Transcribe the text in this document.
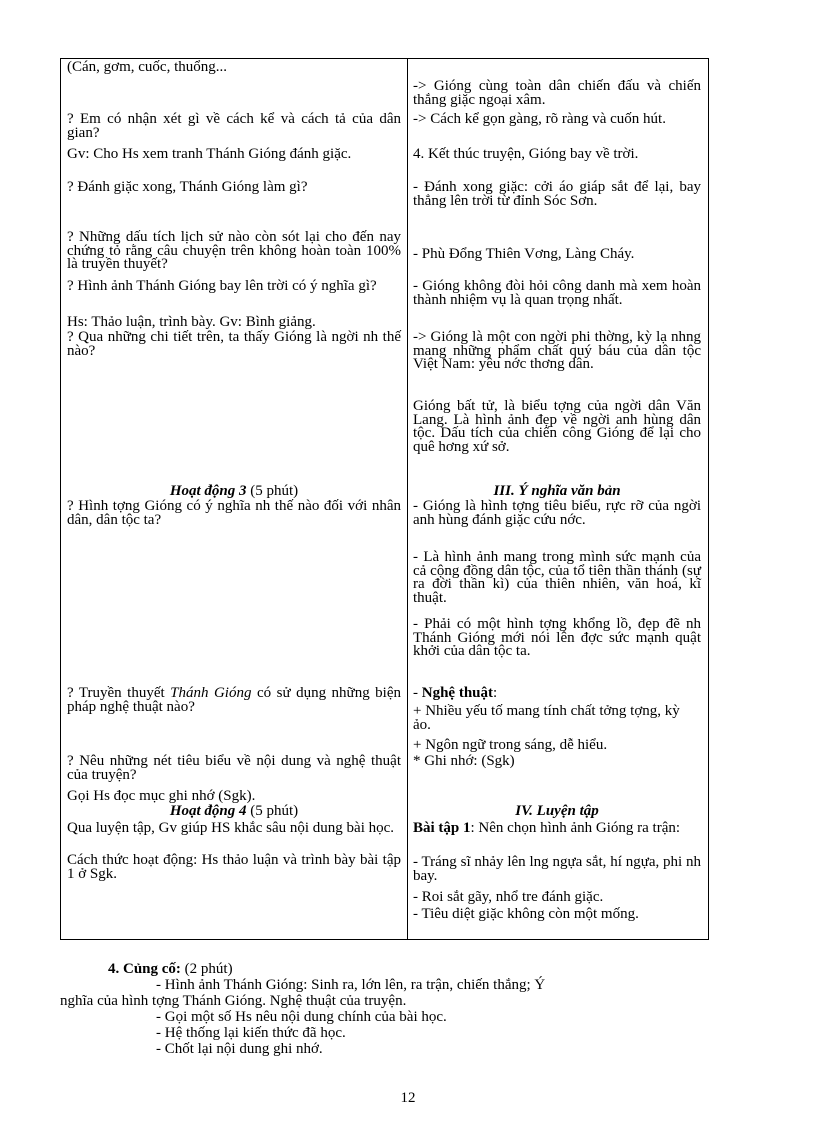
(Cán, gơm, cuốc, thuổng...
? Em có nhận xét gì về cách kể và cách tả của dân gian?
Gv: Cho Hs xem tranh Thánh Gióng đánh giặc.
? Đánh giặc xong, Thánh Gióng làm gì?
? Những dấu tích lịch sử nào còn sót lại cho đến nay chứng tỏ rằng câu chuyện trên không hoàn toàn 100% là truyền thuyết?
? Hình ảnh Thánh Gióng bay lên trời có ý nghĩa gì?
Hs: Thảo luận, trình bày. Gv: Bình giảng.
? Qua những chi tiết trên, ta thấy Gióng là ngời nh thế nào?
Hoạt động 3 (5 phút)
? Hình tợng Gióng có ý nghĩa nh thế nào đối với nhân dân, dân tộc ta?
? Truyền thuyết Thánh Gióng có sử dụng những biện pháp nghệ thuật nào?
? Nêu những nét tiêu biểu về nội dung và nghệ thuật của truyện?
Gọi Hs đọc mục ghi nhớ (Sgk).
Hoạt động 4 (5 phút)
Qua luyện tập, Gv giúp HS khắc sâu nội dung bài học.
Cách thức hoạt động: Hs thảo luận và trình bày bài tập 1 ở Sgk.
-> Gióng cùng toàn dân chiến đấu và chiến thắng giặc ngoại xâm.
-> Cách kể gọn gàng, rõ ràng và cuốn hút.
4. Kết thúc truyện, Gióng bay về trời.
- Đánh xong giặc: cởi áo giáp sắt để lại, bay thẳng lên trời từ đỉnh Sóc Sơn.
- Phù Đổng Thiên Vơng, Làng Cháy.
- Gióng không đòi hỏi công danh mà xem hoàn thành nhiệm vụ là quan trọng nhất.
-> Gióng là một con ngời phi thờng, kỳ lạ nhng mang những phẩm chất quý báu của dân tộc Việt Nam: yêu nớc thơng dân.
Gióng bất tử, là biểu tợng của ngời dân Văn Lang. Là hình ảnh đẹp về ngời anh hùng dân tộc. Dấu tích của chiến công Gióng để lại cho quê hơng xứ sở.
III. Ý nghĩa văn bản
- Gióng là hình tợng tiêu biểu, rực rỡ của ngời anh hùng đánh giặc cứu nớc.
- Là hình ảnh mang trong mình sức mạnh của cả cộng đồng dân tộc, của tổ tiên thần thánh (sự ra đời thần kì) của thiên nhiên, văn hoá, kĩ thuật.
- Phải có một hình tợng khổng lồ, đẹp đẽ nh Thánh Gióng mới nói lên đợc sức mạnh quật khởi của dân tộc ta.
- Nghệ thuật:
+ Nhiều yếu tố mang tính chất tởng tợng, kỳ ảo.
+ Ngôn ngữ trong sáng, dễ hiểu.
* Ghi nhớ: (Sgk)
IV. Luyện tập
Bài tập 1: Nên chọn hình ảnh Gióng ra trận:
- Tráng sĩ nhảy lên lng ngựa sắt, hí ngựa, phi nh bay.
- Roi sắt gãy, nhổ tre đánh giặc.
- Tiêu diệt giặc không còn một mống.

4. Củng cố: (2 phút)

- Hình ảnh Thánh Gióng: Sinh ra, lớn lên, ra trận, chiến thắng; Ý

nghĩa của hình tợng Thánh Gióng. Nghệ thuật của truyện.

- Gọi một số Hs nêu nội dung chính của bài học.

- Hệ thống lại kiến thức đã học.

- Chốt lại nội dung ghi nhớ.

12
